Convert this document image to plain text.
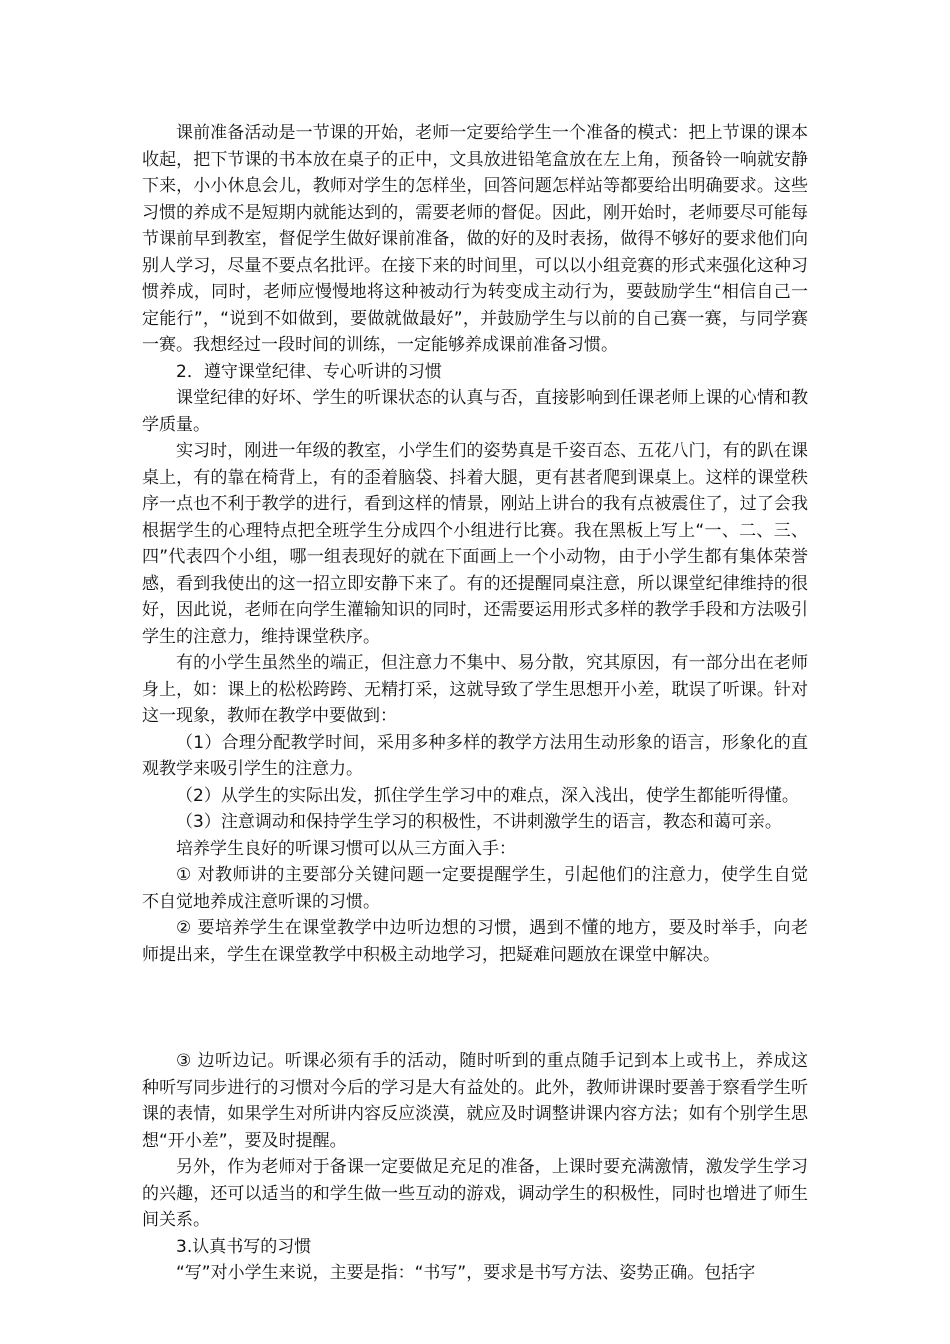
课前准备活动是一节课的开始，老师一定要给学生一个准备的模式：把上节课的课本收起，把下节课的书本放在桌子的正中，文具放进铅笔盒放在左上角，预备铃一响就安静下来，小小休息会儿，教师对学生的怎样坐，回答问题怎样站等都要给出明确要求。这些习惯的养成不是短期内就能达到的，需要老师的督促。因此，刚开始时，老师要尽可能每节课前早到教室，督促学生做好课前准备，做的好的及时表扬，做得不够好的要求他们向别人学习，尽量不要点名批评。在接下来的时间里，可以以小组竞赛的形式来强化这种习惯养成，同时，老师应慢慢地将这种被动行为转变成主动行为，要鼓励学生“相信自己一定能行”，“说到不如做到，要做就做最好”，并鼓励学生与以前的自己赛一赛，与同学赛一赛。我想经过一段时间的训练，一定能够养成课前准备习惯。

2．遵守课堂纪律、专心听讲的习惯

课堂纪律的好坏、学生的听课状态的认真与否，直接影响到任课老师上课的心情和教学质量。

实习时，刚进一年级的教室，小学生们的姿势真是千姿百态、五花八门，有的趴在课桌上，有的靠在椅背上，有的歪着脑袋、抖着大腿，更有甚者爬到课桌上。这样的课堂秩序一点也不利于教学的进行，看到这样的情景，刚站上讲台的我有点被震住了，过了会我根据学生的心理特点把全班学生分成四个小组进行比赛。我在黑板上写上“一、二、三、四”代表四个小组，哪一组表现好的就在下面画上一个小动物，由于小学生都有集体荣誉感，看到我使出的这一招立即安静下来了。有的还提醒同桌注意，所以课堂纪律维持的很好，因此说，老师在向学生灌输知识的同时，还需要运用形式多样的教学手段和方法吸引学生的注意力，维持课堂秩序。

有的小学生虽然坐的端正，但注意力不集中、易分散，究其原因，有一部分出在老师身上，如：课上的松松跨跨、无精打采，这就导致了学生思想开小差，耽误了听课。针对这一现象，教师在教学中要做到：

（1）合理分配教学时间，采用多种多样的教学方法用生动形象的语言，形象化的直观教学来吸引学生的注意力。

（2）从学生的实际出发，抓住学生学习中的难点，深入浅出，使学生都能听得懂。

（3）注意调动和保持学生学习的积极性，不讲刺激学生的语言，教态和蔼可亲。

培养学生良好的听课习惯可以从三方面入手：

① 对教师讲的主要部分关键问题一定要提醒学生，引起他们的注意力，使学生自觉不自觉地养成注意听课的习惯。

② 要培养学生在课堂教学中边听边想的习惯，遇到不懂的地方，要及时举手，向老师提出来，学生在课堂教学中积极主动地学习，把疑难问题放在课堂中解决。

③ 边听边记。听课必须有手的活动，随时听到的重点随手记到本上或书上，养成这种听写同步进行的习惯对今后的学习是大有益处的。此外，教师讲课时要善于察看学生听课的表情，如果学生对所讲内容反应淡漠，就应及时调整讲课内容方法；如有个别学生思想“开小差”，要及时提醒。

另外，作为老师对于备课一定要做足充足的准备，上课时要充满激情，激发学生学习的兴趣，还可以适当的和学生做一些互动的游戏，调动学生的积极性，同时也增进了师生间关系。

3.认真书写的习惯

“写”对小学生来说，主要是指：“书写”，要求是书写方法、姿势正确。包括字
